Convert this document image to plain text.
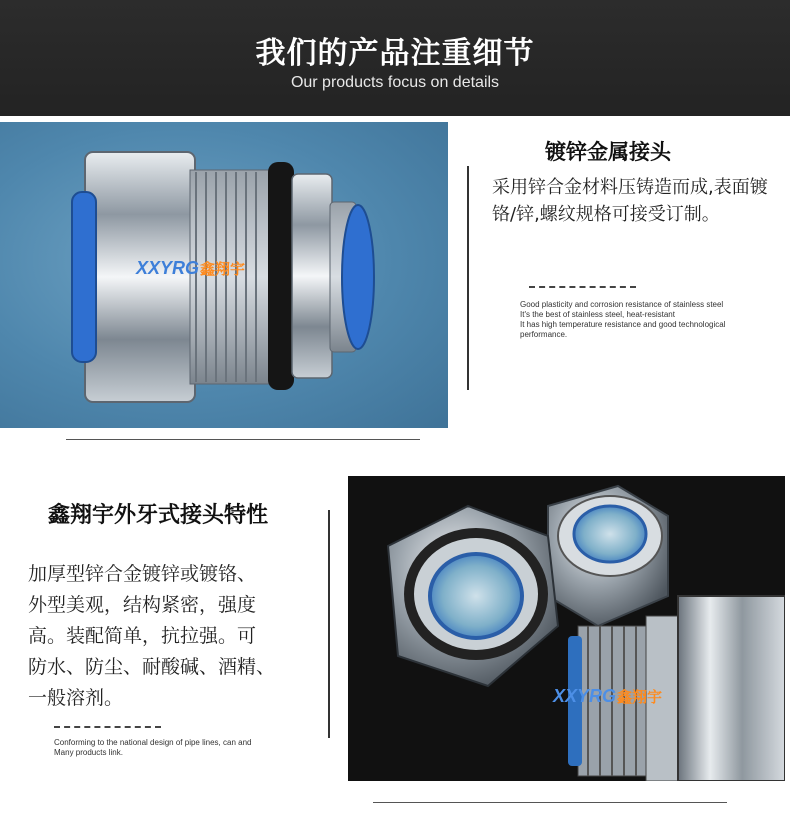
我们的产品注重细节
Our products focus on details
XXYRG 鑫翔宇
镀锌金属接头
采用锌合金材料压铸造而成,表面镀铬/锌,螺纹规格可接受订制。
Good plasticity and corrosion resistance of stainless steel
It's the best of stainless steel, heat-resistant
It has high temperature resistance and good technological
performance.
鑫翔宇外牙式接头特性
加厚型锌合金镀锌或镀铬、
外型美观，结构紧密，强度
高。装配简单，抗拉强。可
防水、防尘、耐酸碱、酒精、
一般溶剂。
Conforming to the national design of pipe lines, can and
Many products link.
XXYRG 鑫翔宇
